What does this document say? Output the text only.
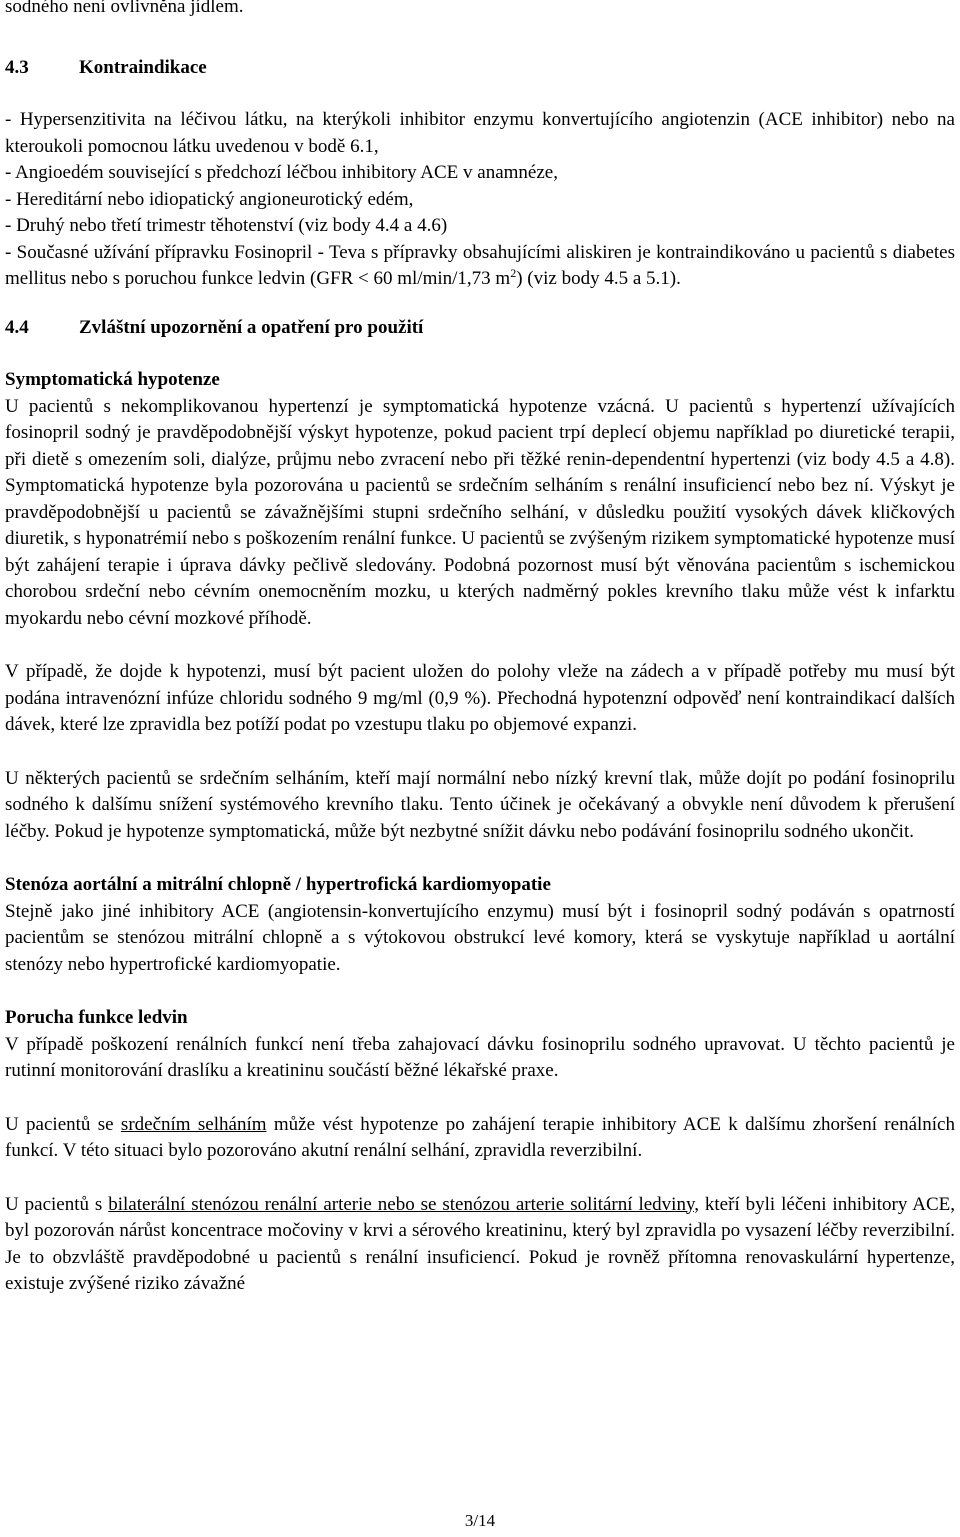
sodného není ovlivněna jídlem.

4.3	Kontraindikace

- Hypersenzitivita na léčivou látku, na kterýkoli inhibitor enzymu konvertujícího angiotenzin (ACE inhibitor) nebo na kteroukoli pomocnou látku uvedenou v bodě 6.1,

- Angioedém související s předchozí léčbou inhibitory ACE v anamnéze,

- Hereditární nebo idiopatický angioneurotický edém,

- Druhý nebo třetí trimestr těhotenství (viz body 4.4 a 4.6)

- Současné užívání přípravku Fosinopril - Teva s přípravky obsahujícími aliskiren je kontraindikováno u pacientů s diabetes mellitus nebo s poruchou funkce ledvin (GFR < 60 ml/min/1,73 $m^2$) (viz body 4.5 a 5.1).

4.4	Zvláštní upozornění a opatření pro použití

Symptomatická hypotenze

U pacientů s nekomplikovanou hypertenzí je symptomatická hypotenze vzácná. U pacientů s hypertenzí užívajících fosinopril sodný je pravděpodobnější výskyt hypotenze, pokud pacient trpí deplecí objemu například po diuretické terapii, při dietě s omezením soli, dialýze, průjmu nebo zvracení nebo při těžké renin-dependentní hypertenzi (viz body 4.5 a 4.8). Symptomatická hypotenze byla pozorována u pacientů se srdečním selháním s renální insuficiencí nebo bez ní. Výskyt je pravděpodobnější u pacientů se závažnějšími stupni srdečního selhání, v důsledku použití vysokých dávek kličkových diuretik, s hyponatrémií nebo s poškozením renální funkce. U pacientů se zvýšeným rizikem symptomatické hypotenze musí být zahájení terapie i úprava dávky pečlivě sledovány. Podobná pozornost musí být věnována pacientům s ischemickou chorobou srdeční nebo cévním onemocněním mozku, u kterých nadměrný pokles krevního tlaku může vést k infarktu myokardu nebo cévní mozkové příhodě.

V případě, že dojde k hypotenzi, musí být pacient uložen do polohy vleže na zádech a v případě potřeby mu musí být podána intravenózní infúze chloridu sodného 9 mg/ml (0,9 %). Přechodná hypotenzní odpověď není kontraindikací dalších dávek, které lze zpravidla bez potíží podat po vzestupu tlaku po objemové expanzi.

U některých pacientů se srdečním selháním, kteří mají normální nebo nízký krevní tlak, může dojít po podání fosinoprilu sodného k dalšímu snížení systémového krevního tlaku. Tento účinek je očekávaný a obvykle není důvodem k přerušení léčby. Pokud je hypotenze symptomatická, může být nezbytné snížit dávku nebo podávání fosinoprilu sodného ukončit.

Stenóza aortální a mitrální chlopně / hypertrofická kardiomyopatie

Stejně jako jiné inhibitory ACE (angiotensin-konvertujícího enzymu) musí být i fosinopril sodný podáván s opatrností pacientům se stenózou mitrální chlopně a s výtokovou obstrukcí levé komory, která se vyskytuje například u aortální stenózy nebo hypertrofické kardiomyopatie.

Porucha funkce ledvin

V případě poškození renálních funkcí není třeba zahajovací dávku fosinoprilu sodného upravovat. U těchto pacientů je rutinní monitorování draslíku a kreatininu součástí běžné lékařské praxe.

U pacientů se srdečním selháním může vést hypotenze po zahájení terapie inhibitory ACE k dalšímu zhoršení renálních funkcí. V této situaci bylo pozorováno akutní renální selhání, zpravidla reverzibilní.

U pacientů s bilaterální stenózou renální arterie nebo se stenózou arterie solitární ledviny, kteří byli léčeni inhibitory ACE, byl pozorován nárůst koncentrace močoviny v krvi a sérového kreatininu, který byl zpravidla po vysazení léčby reverzibilní. Je to obzvláště pravděpodobné u pacientů s renální insuficiencí. Pokud je rovněž přítomna renovaskulární hypertenze, existuje zvýšené riziko závažné

3/14
